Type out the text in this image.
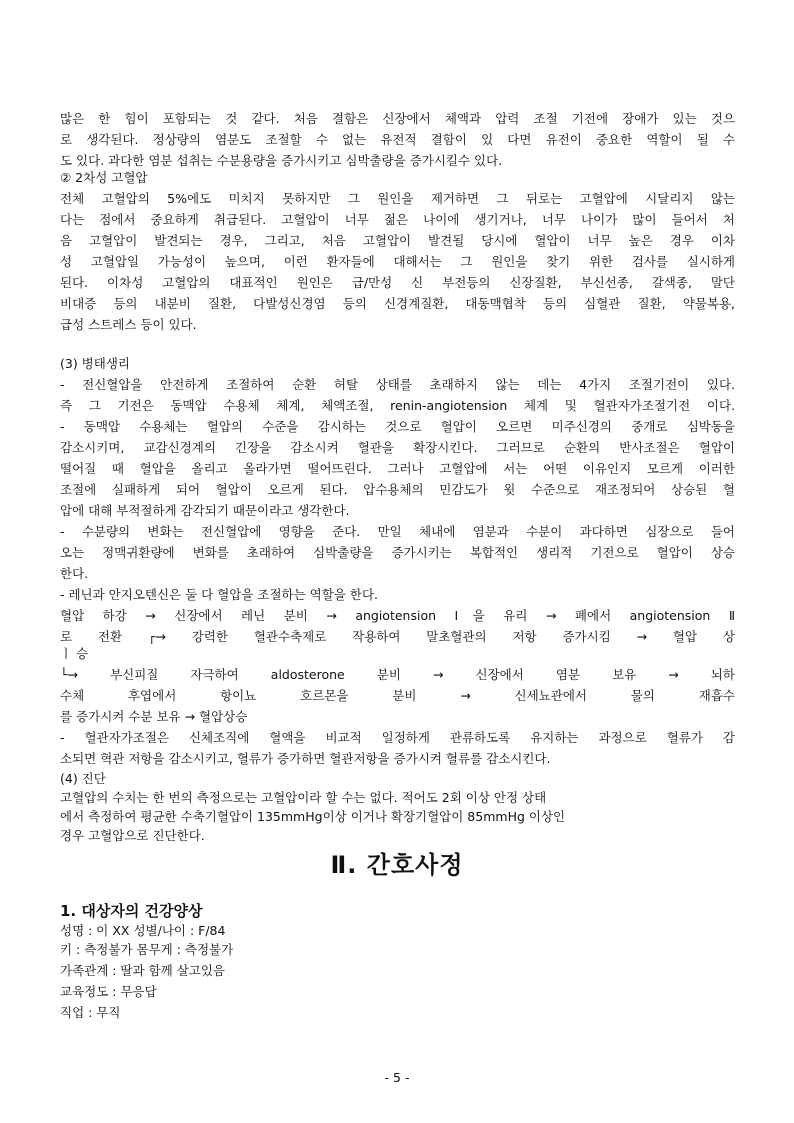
많은 한 힘이 포함되는 것 같다. 처음 결함은 신장에서 체액과 압력 조절 기전에 장애가 있는 것으
로 생각된다. 정상량의 염분도 조절할 수 없는 유전적 결함이 있 다면 유전이 중요한 역할이 될 수
도 있다. 과다한 염분 섭취는 수분용량을 증가시키고 심박출량을 증가시킬수 있다.
② 2차성 고혈압
전체 고혈압의 5%에도 미치지 못하지만 그 원인을 제거하면 그 뒤로는 고혈압에 시달리지 않는
다는 점에서 중요하게 취급된다. 고혈압이 너무 젊은 나이에 생기거나, 너무 나이가 많이 들어서 처
음 고혈압이 발견되는 경우, 그리고, 처음 고혈압이 발견될 당시에 혈압이 너무 높은 경우 이차
성 고혈압일 가능성이 높으며, 이런 환자들에 대해서는 그 원인을 찾기 위한 검사를 실시하게
된다. 이차성 고혈압의 대표적인 원인은 급/만성 신 부전등의 신장질환, 부신선종, 갈색종, 말단
비대증 등의 내분비 질환, 다발성신경염 등의 신경계질환, 대동맥협착 등의 심혈관 질환, 약물복용,
급성 스트레스 등이 있다.
(3) 병태생리
- 전신혈압을 안전하게 조절하여 순환 허탈 상태를 초래하지 않는 데는 4가지 조절기전이 있다.
즉 그 기전은 동맥압 수용체 체계, 체액조절, renin-angiotension 체계 및 혈관자가조절기전 이다.
- 동맥압 수용체는 혈압의 수준을 감시하는 것으로 혈압이 오르면 미주신경의 중개로 심박동을
감소시키며, 교감신경계의 긴장을 감소시켜 혈관을 확장시킨다. 그러므로 순환의 반사조절은 혈압이
떨어질 때 혈압을 올리고 올라가면 떨어뜨린다. 그러나 고혈압에 서는 어떤 이유인지 모르게 이러한
조절에 실패하게 되어 혈압이 오르게 된다. 압수용체의 민감도가 윗 수준으로 재조정되어 상승된 혈
압에 대해 부적절하게 감각되기 때문이라고 생각한다.
- 수분량의 변화는 전신혈압에 영향을 준다. 만일 체내에 염분과 수분이 과다하면 심장으로 들어
오는 정맥귀환량에 변화를 초래하여 심박출량을 증가시키는 복합적인 생리적 기전으로 혈압이 상승
한다.
- 레닌과 안지오텐신은 둘 다 혈압을 조절하는 역할을 한다.
혈압 하강 → 신장에서 레닌 분비 → angiotension Ⅰ을 유리 → 폐에서 angiotension Ⅱ
로 전환 ┌→ 강력한 혈관수축제로 작용하여 말초혈관의 저항 증가시킴 → 혈압 상
ㅣ 승
└→ 부신피질 자극하여 aldosterone 분비 → 신장에서 염분 보유 → 뇌하
수체 후엽에서 항이뇨 호르몬을 분비 → 신세뇨관에서 물의 재흡수
를 증가시켜 수분 보유 → 혈압상승
- 혈관자가조절은 신체조직에 혈액을 비교적 일정하게 관류하도록 유지하는 과정으로 혈류가 감
소되면 혁관 저항을 감소시키고, 혈류가 증가하면 혈관저항을 증가시켜 혈류를 감소시킨다.
(4) 진단
고혈압의 수치는 한 번의 측정으로는 고혈압이라 할 수는 없다. 적어도 2회 이상 안정 상태
에서 측정하여 평균한 수축기혈압이 135mmHg이상 이거나 확장기혈압이 85mmHg 이상인
경우 고혈압으로 진단한다.
Ⅱ. 간호사정
1. 대상자의 건강양상
성명 : 이 XX 성별/나이 : F/84
키 : 측정불가 몸무게 : 측정불가
가족관계 : 딸과 함께 살고있음
교육정도 : 무응답
직업 : 무직
- 5 -
